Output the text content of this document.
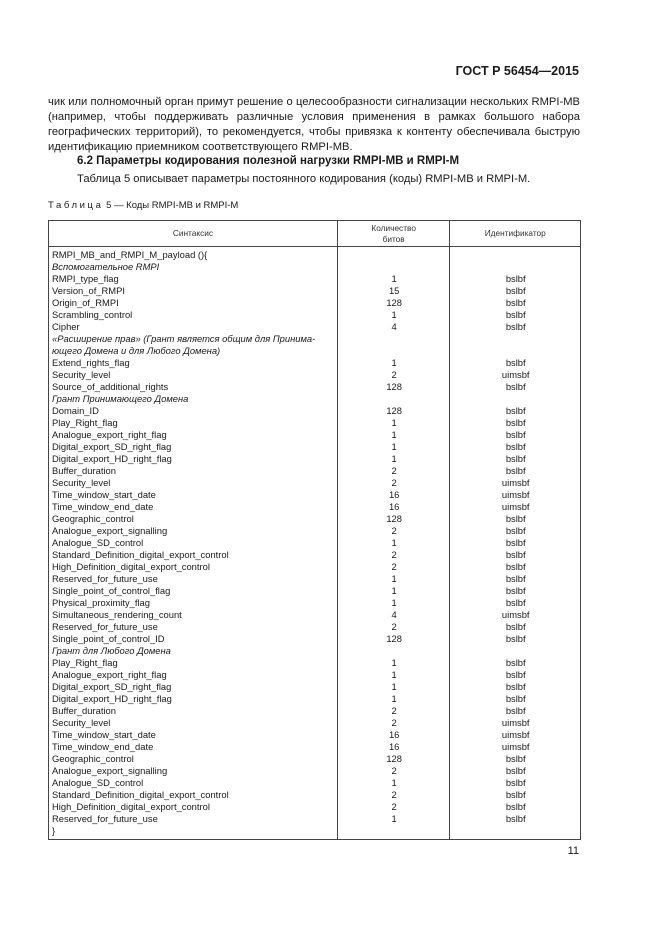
ГОСТ Р 56454—2015
чик или полномочный орган примут решение о целесообразности сигнализации нескольких RMPI-MB (например, чтобы поддерживать различные условия применения в рамках большого набора географических территорий), то рекомендуется, чтобы привязка к контенту обеспечивала быструю идентификацию приемником соответствующего RMPI-MB.
6.2 Параметры кодирования полезной нагрузки RMPI-MB и RMPI-M
Таблица 5 описывает параметры постоянного кодирования (коды) RMPI-MB и RMPI-M.
Таблица 5 — Коды RMPI-MB и RMPI-M
Синтаксис	Количество битов	Идентификатор
RMPI_MB_and_RMPI_M_payload (){		
Вспомогательное RMPI		
RMPI_type_flag	1	bslbf
Version_of_RMPI	15	bslbf
Origin_of_RMPI	128	bslbf
Scrambling_control	1	bslbf
Cipher	4	bslbf
«Расширение прав» (Грант является общим для Принима-		
ющего Домена и для Любого Домена)		
Extend_rights_flag	1	bslbf
Security_level	2	uimsbf
Source_of_additional_rights	128	bslbf
Грант Принимающего Домена		
Domain_ID	128	bslbf
Play_Right_flag	1	bslbf
Analogue_export_right_flag	1	bslbf
Digital_export_SD_right_flag	1	bslbf
Digital_export_HD_right_flag	1	bslbf
Buffer_duration	2	bslbf
Security_level	2	uimsbf
Time_window_start_date	16	uimsbf
Time_window_end_date	16	uimsbf
Geographic_control	128	bslbf
Analogue_export_signalling	2	bslbf
Analogue_SD_control	1	bslbf
Standard_Definition_digital_export_control	2	bslbf
High_Definition_digital_export_control	2	bslbf
Reserved_for_future_use	1	bslbf
Single_point_of_control_flag	1	bslbf
Physical_proximity_flag	1	bslbf
Simultaneous_rendering_count	4	uimsbf
Reserved_for_future_use	2	bslbf
Single_point_of_control_ID	128	bslbf
Грант для Любого Домена		
Play_Right_flag	1	bslbf
Analogue_export_right_flag	1	bslbf
Digital_export_SD_right_flag	1	bslbf
Digital_export_HD_right_flag	1	bslbf
Buffer_duration	2	bslbf
Security_level	2	uimsbf
Time_window_start_date	16	uimsbf
Time_window_end_date	16	uimsbf
Geographic_control	128	bslbf
Analogue_export_signalling	2	bslbf
Analogue_SD_control	1	bslbf
Standard_Definition_digital_export_control	2	bslbf
High_Definition_digital_export_control	2	bslbf
Reserved_for_future_use	1	bslbf
}		
11
